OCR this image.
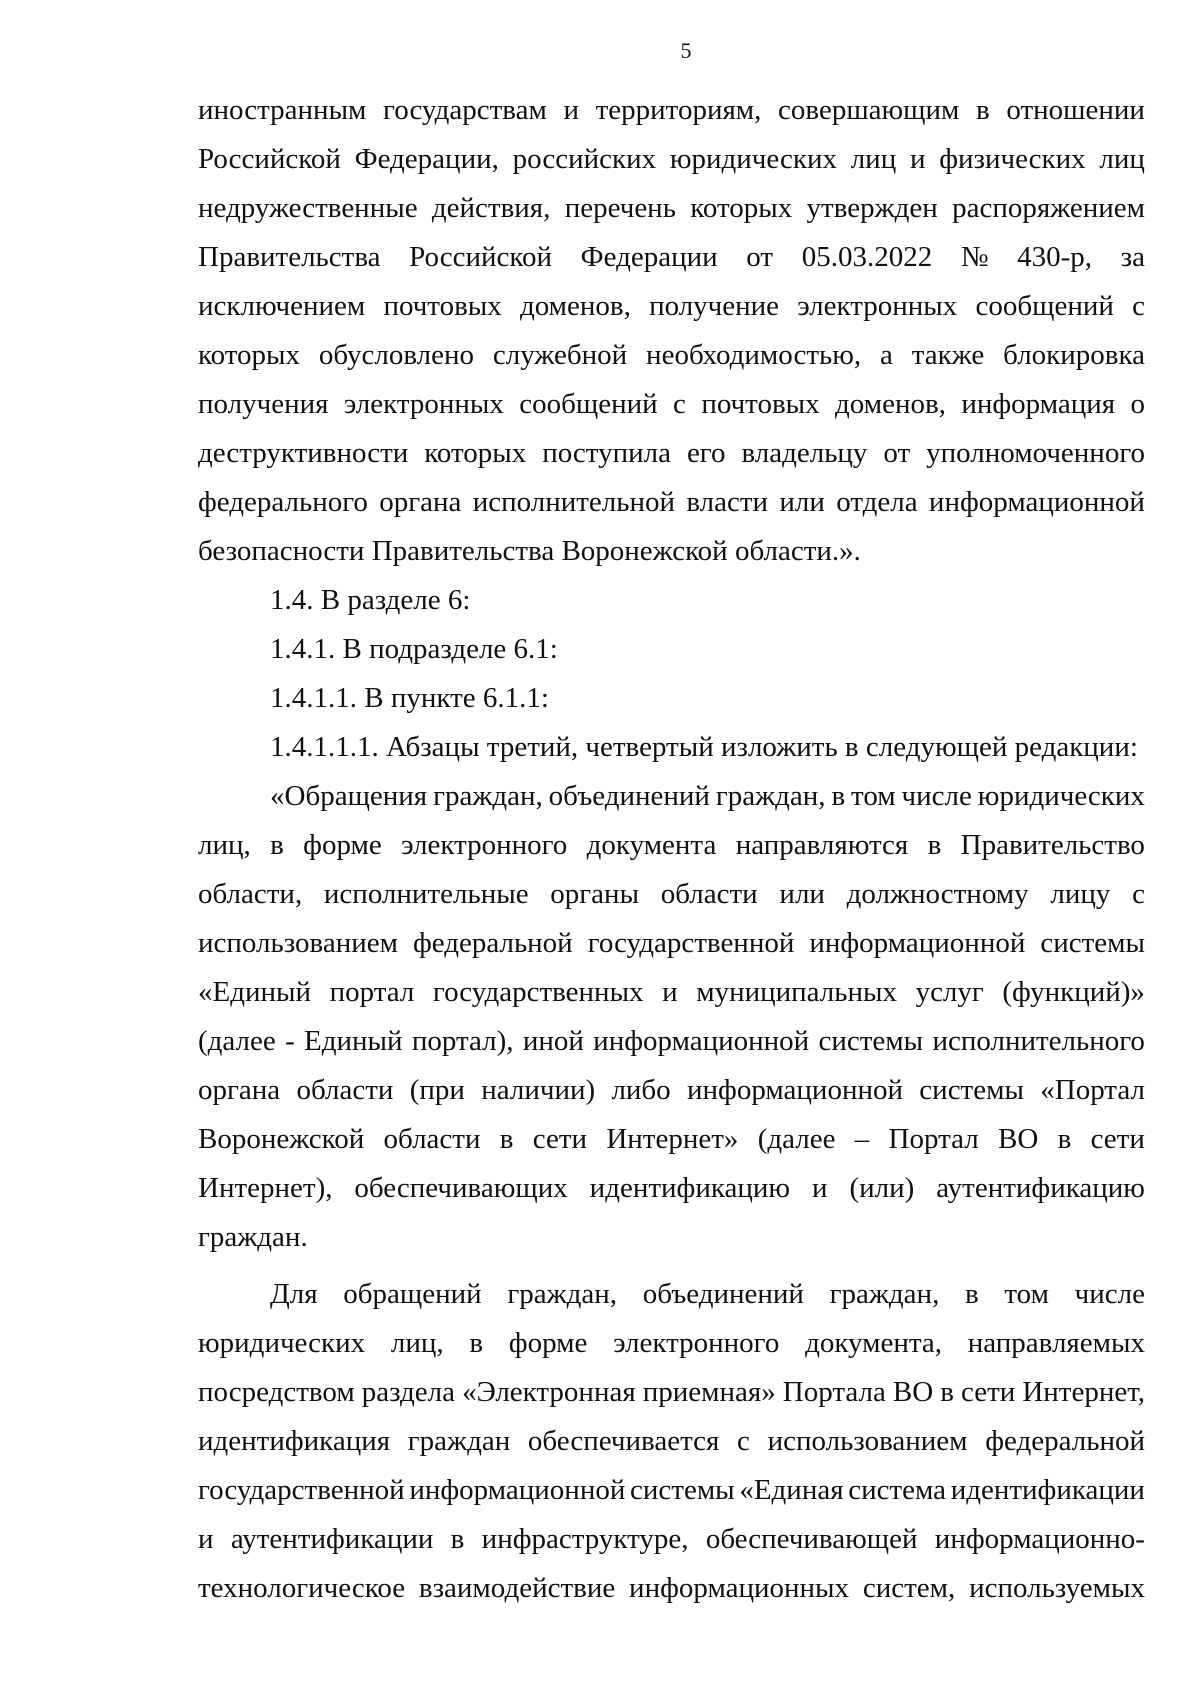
5
иностранным государствам и территориям, совершающим в отношении
Российской Федерации, российских юридических лиц и физических лиц
недружественные действия, перечень которых утвержден распоряжением
Правительства Российской Федерации от 05.03.2022 № 430-р, за
исключением почтовых доменов, получение электронных сообщений с
которых обусловлено служебной необходимостью, а также блокировка
получения электронных сообщений с почтовых доменов, информация о
деструктивности которых поступила его владельцу от уполномоченного
федерального органа исполнительной власти или отдела информационной
безопасности Правительства Воронежской области.».
1.4. В разделе 6:
1.4.1. В подразделе 6.1:
1.4.1.1. В пункте 6.1.1:
1.4.1.1.1. Абзацы третий, четвертый изложить в следующей редакции:
«Обращения граждан, объединений граждан, в том числе юридических
лиц, в форме электронного документа направляются в Правительство
области, исполнительные органы области или должностному лицу с
использованием федеральной государственной информационной системы
«Единый портал государственных и муниципальных услуг (функций)»
(далее - Единый портал), иной информационной системы исполнительного
органа области (при наличии) либо информационной системы «Портал
Воронежской области в сети Интернет» (далее – Портал ВО в сети
Интернет), обеспечивающих идентификацию и (или) аутентификацию
граждан.
Для обращений граждан, объединений граждан, в том числе
юридических лиц, в форме электронного документа, направляемых
посредством раздела «Электронная приемная» Портала ВО в сети Интернет,
идентификация граждан обеспечивается с использованием федеральной
государственной информационной системы «Единая система идентификации
и аутентификации в инфраструктуре, обеспечивающей информационно-
технологическое взаимодействие информационных систем, используемых
